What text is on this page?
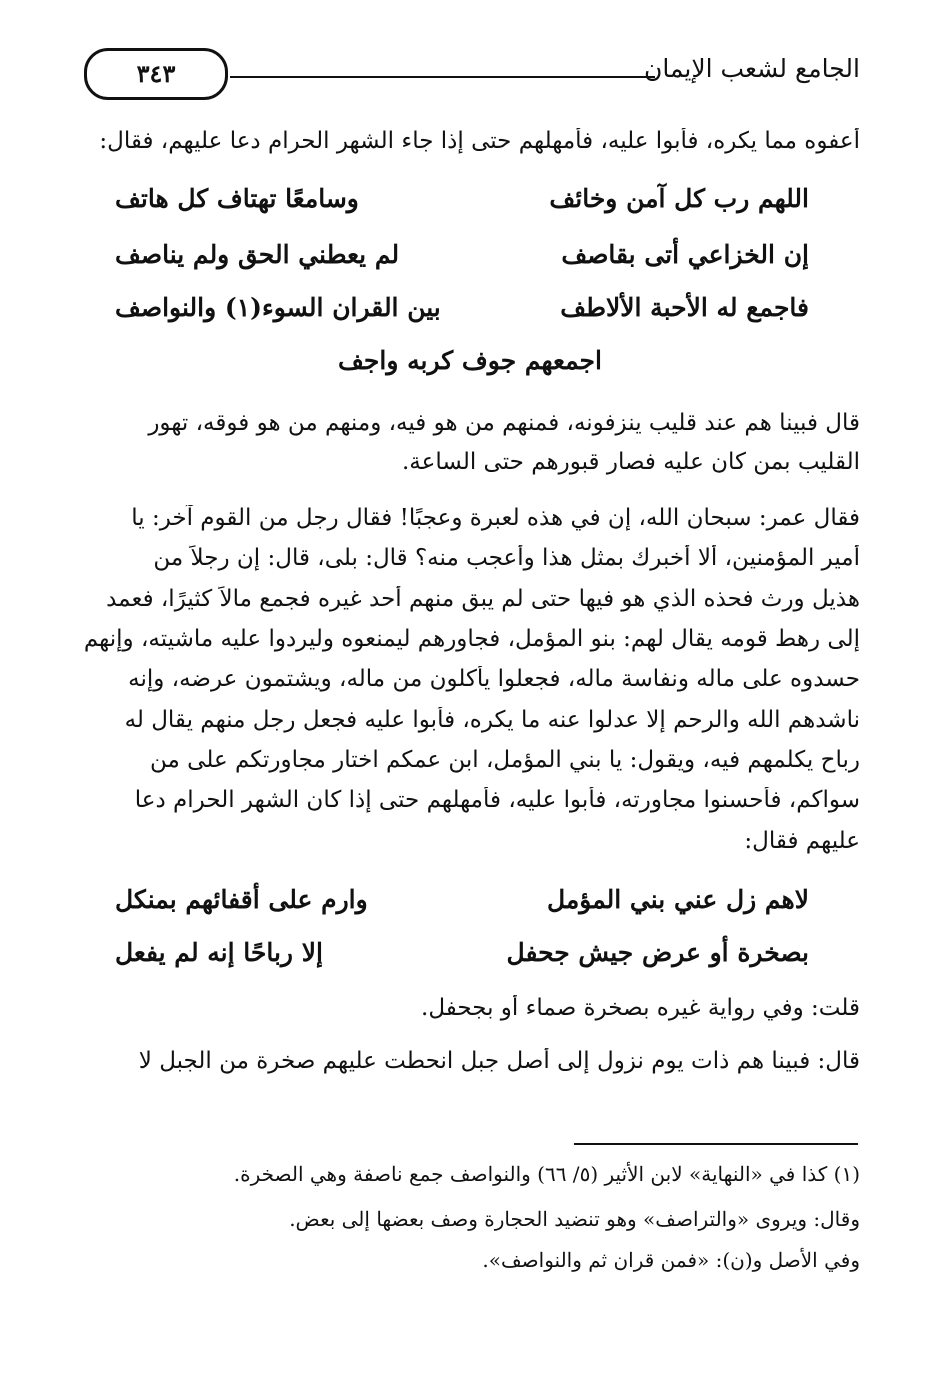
الجامع لشعب الإيمان
٣٤٣
أعفوه مما يكره، فأبوا عليه، فأمهلهم حتى إذا جاء الشهر الحرام دعا عليهم، فقال:
اللهم رب كل آمن وخائف
وسامعًا تهتاف كل هاتف
إن الخزاعي أتى بقاصف
لم يعطني الحق ولم يناصف
فاجمع له الأحبة الألاطف
بين القران السوء(١) والنواصف
اجمعهم جوف كربه واجف
قال فبينا هم عند قليب ينزفونه، فمنهم من هو فيه، ومنهم من هو فوقه، تهور
القليب بمن كان عليه فصار قبورهم حتى الساعة.
فقال عمر: سبحان الله، إن في هذه لعبرة وعجبًا! فقال رجل من القوم آخر: يا
أمير المؤمنين، ألا أخبرك بمثل هذا وأعجب منه؟ قال: بلى، قال: إن رجلاً من
هذيل ورث فحذه الذي هو فيها حتى لم يبق منهم أحد غيره فجمع مالاً كثيرًا، فعمد
إلى رهط قومه يقال لهم: بنو المؤمل، فجاورهم ليمنعوه وليردوا عليه ماشيته، وإنهم
حسدوه على ماله ونفاسة ماله، فجعلوا يأكلون من ماله، ويشتمون عرضه، وإنه
ناشدهم الله والرحم إلا عدلوا عنه ما يكره، فأبوا عليه فجعل رجل منهم يقال له
رباح يكلمهم فيه، ويقول: يا بني المؤمل، ابن عمكم اختار مجاورتكم على من
سواكم، فأحسنوا مجاورته، فأبوا عليه، فأمهلهم حتى إذا كان الشهر الحرام دعا
عليهم فقال:
لاهم زل عني بني المؤمل
وارم على أقفائهم بمنكل
بصخرة أو عرض جيش جحفل
إلا رباحًا إنه لم يفعل
قلت: وفي رواية غيره بصخرة صماء أو بجحفل.
قال: فبينا هم ذات يوم نزول إلى أصل جبل انحطت عليهم صخرة من الجبل لا
(١) كذا في «النهاية» لابن الأثير (٥/ ٦٦) والنواصف جمع ناصفة وهي الصخرة.
وقال: ويروى «والتراصف» وهو تنضيد الحجارة وصف بعضها إلى بعض.
وفي الأصل و(ن): «فمن قران ثم والنواصف».
